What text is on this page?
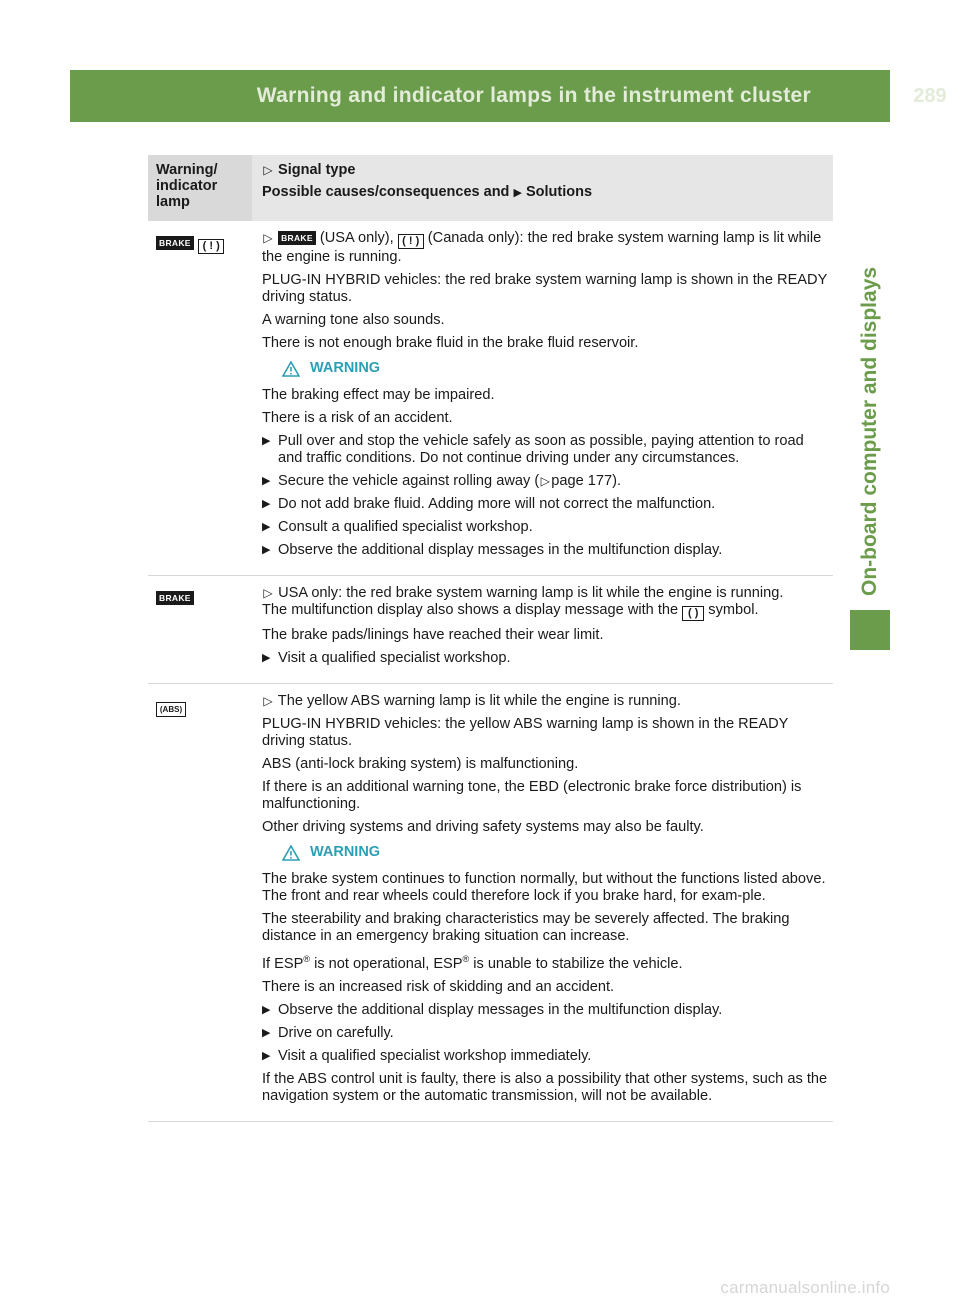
Warning and indicator lamps in the instrument cluster	289
On-board computer and displays
Warning/ indicator lamp
▷ Signal type
Possible causes/consequences and ▶ Solutions
BRAKE ( ! )

▷ BRAKE (USA only), ( ! ) (Canada only): the red brake system warning lamp is lit while the engine is running.

PLUG-IN HYBRID vehicles: the red brake system warning lamp is shown in the READY driving status.

A warning tone also sounds.

There is not enough brake fluid in the brake fluid reservoir.

WARNING

The braking effect may be impaired.

There is a risk of an accident.

▶ Pull over and stop the vehicle safely as soon as possible, paying attention to road and traffic conditions. Do not continue driving under any circumstances.
▶ Secure the vehicle against rolling away (▷page 177).
▶ Do not add brake fluid. Adding more will not correct the malfunction.
▶ Consult a qualified specialist workshop.
▶ Observe the additional display messages in the multifunction display.
BRAKE	▷ USA only: the red brake system warning lamp is lit while the engine is running.

The multifunction display also shows a display message with the ( ) symbol.

The brake pads/linings have reached their wear limit.

▶ Visit a qualified specialist workshop.
(ABS)

▷ The yellow ABS warning lamp is lit while the engine is running.

PLUG-IN HYBRID vehicles: the yellow ABS warning lamp is shown in the READY driving status.

ABS (anti-lock braking system) is malfunctioning.

If there is an additional warning tone, the EBD (electronic brake force distribution) is malfunctioning.

Other driving systems and driving safety systems may also be faulty.

WARNING

The brake system continues to function normally, but without the functions listed above. The front and rear wheels could therefore lock if you brake hard, for exam-ple.

The steerability and braking characteristics may be severely affected. The braking distance in an emergency braking situation can increase.

If ESP® is not operational, ESP® is unable to stabilize the vehicle.

There is an increased risk of skidding and an accident.

▶ Observe the additional display messages in the multifunction display.
▶ Drive on carefully.
▶ Visit a qualified specialist workshop immediately.

If the ABS control unit is faulty, there is also a possibility that other systems, such as the navigation system or the automatic transmission, will not be available.

carmanualsonline.info
